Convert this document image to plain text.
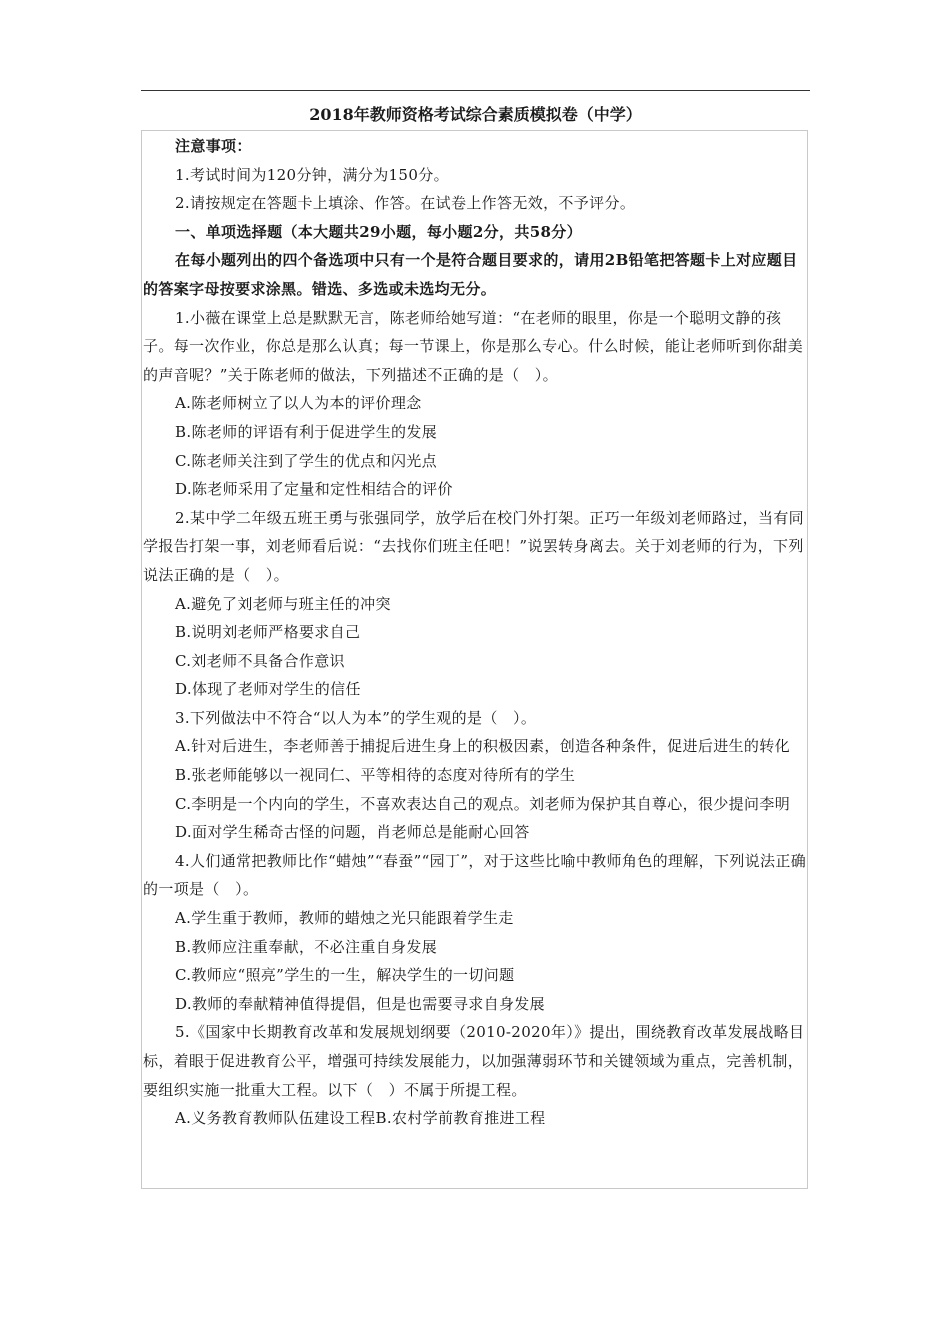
2018年教师资格考试综合素质模拟卷（中学）

注意事项：

1.考试时间为120分钟，满分为150分。

2.请按规定在答题卡上填涂、作答。在试卷上作答无效，不予评分。

一、单项选择题（本大题共29小题，每小题2分，共58分）

在每小题列出的四个备选项中只有一个是符合题目要求的，请用2B铅笔把答题卡上对应题目的答案字母按要求涂黑。错选、多选或未选均无分。

1.小薇在课堂上总是默默无言，陈老师给她写道：“在老师的眼里，你是一个聪明文静的孩子。每一次作业，你总是那么认真；每一节课上，你是那么专心。什么时候，能让老师听到你甜美的声音呢？”关于陈老师的做法，下列描述不正确的是（　）。

A.陈老师树立了以人为本的评价理念

B.陈老师的评语有利于促进学生的发展

C.陈老师关注到了学生的优点和闪光点

D.陈老师采用了定量和定性相结合的评价

2.某中学二年级五班王勇与张强同学，放学后在校门外打架。正巧一年级刘老师路过，当有同学报告打架一事，刘老师看后说：“去找你们班主任吧！”说罢转身离去。关于刘老师的行为，下列说法正确的是（　）。

A.避免了刘老师与班主任的冲突

B.说明刘老师严格要求自己

C.刘老师不具备合作意识

D.体现了老师对学生的信任

3.下列做法中不符合“以人为本”的学生观的是（　）。

A.针对后进生，李老师善于捕捉后进生身上的积极因素，创造各种条件，促进后进生的转化

B.张老师能够以一视同仁、平等相待的态度对待所有的学生

C.李明是一个内向的学生，不喜欢表达自己的观点。刘老师为保护其自尊心，很少提问李明

D.面对学生稀奇古怪的问题，肖老师总是能耐心回答

4.人们通常把教师比作“蜡烛”“春蚕”“园丁”，对于这些比喻中教师角色的理解，下列说法正确的一项是（　）。

A.学生重于教师，教师的蜡烛之光只能跟着学生走

B.教师应注重奉献，不必注重自身发展

C.教师应“照亮”学生的一生，解决学生的一切问题

D.教师的奉献精神值得提倡，但是也需要寻求自身发展

5.《国家中长期教育改革和发展规划纲要（2010-2020年）》提出，围绕教育改革发展战略目标，着眼于促进教育公平，增强可持续发展能力，以加强薄弱环节和关键领域为重点，完善机制，要组织实施一批重大工程。以下（　）不属于所提工程。

A.义务教育教师队伍建设工程B.农村学前教育推进工程
